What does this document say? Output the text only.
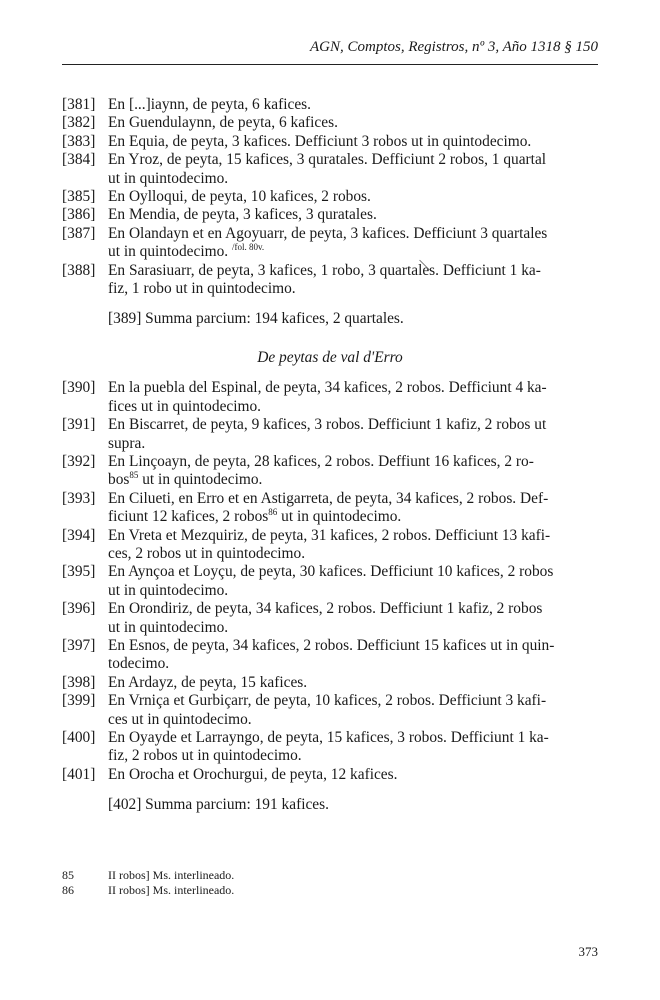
AGN, Comptos, Registros, nº 3, Año 1318 § 150
[381] En [...]iaynn, de peyta, 6 kafices.
[382] En Guendulaynn, de peyta, 6 kafices.
[383] En Equia, de peyta, 3 kafices. Defficiunt 3 robos ut in quintodecimo.
[384] En Yroz, de peyta, 15 kafices, 3 quratales. Defficiunt 2 robos, 1 quartal
ut in quintodecimo.
[385] En Oylloqui, de peyta, 10 kafices, 2 robos.
[386] En Mendia, de peyta, 3 kafices, 3 quratales.
[387] En Olandayn et en Agoyuarr, de peyta, 3 kafices. Defficiunt 3 quartales
ut in quintodecimo. $^{/fol. 80v.}$
[388] En Sarasiuarr, de peyta, 3 kafices, 1 robo, 3 quartales. Defficiunt 1 ka-
fiz, 1 robo ut in quintodecimo.
[389] Summa parcium: 194 kafices, 2 quartales.
De peytas de val d'Erro
[390] En la puebla del Espinal, de peyta, 34 kafices, 2 robos. Defficiunt 4 ka-
fices ut in quintodecimo.
[391] En Biscarret, de peyta, 9 kafices, 3 robos. Defficiunt 1 kafiz, 2 robos ut
supra.
[392] En Linçoayn, de peyta, 28 kafices, 2 robos. Deffiunt 16 kafices, 2 ro-
bos$^{85}$ ut in quintodecimo.
[393] En Cilueti, en Erro et en Astigarreta, de peyta, 34 kafices, 2 robos. Def-
ficiunt 12 kafices, 2 robos$^{86}$ ut in quintodecimo.
[394] En Vreta et Mezquiriz, de peyta, 31 kafices, 2 robos. Defficiunt 13 kafi-
ces, 2 robos ut in quintodecimo.
[395] En Aynçoa et Loyçu, de peyta, 30 kafices. Defficiunt 10 kafices, 2 robos
ut in quintodecimo.
[396] En Orondiriz, de peyta, 34 kafices, 2 robos. Defficiunt 1 kafiz, 2 robos
ut in quintodecimo.
[397] En Esnos, de peyta, 34 kafices, 2 robos. Defficiunt 15 kafices ut in quin-
todecimo.
[398] En Ardayz, de peyta, 15 kafices.
[399] En Vrniça et Gurbiçarr, de peyta, 10 kafices, 2 robos. Defficiunt 3 kafi-
ces ut in quintodecimo.
[400] En Oyayde et Larrayngo, de peyta, 15 kafices, 3 robos. Defficiunt 1 ka-
fiz, 2 robos ut in quintodecimo.
[401] En Orocha et Orochurgui, de peyta, 12 kafices.
[402] Summa parcium: 191 kafices.
85	II robos] Ms. interlineado.
86	II robos] Ms. interlineado.
373
